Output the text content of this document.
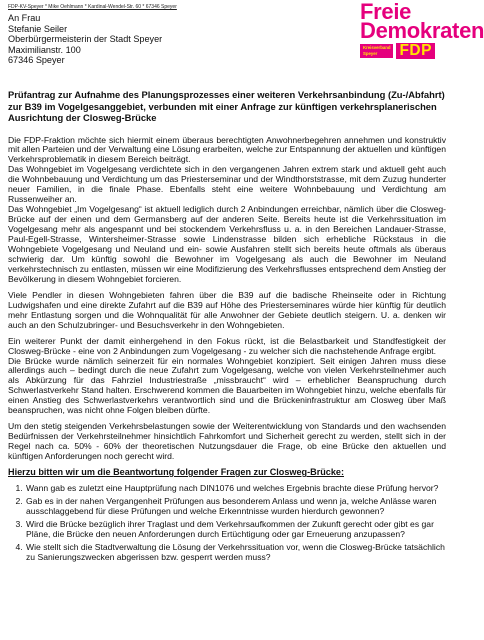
FDP-KV-Speyer * Mike Oehlmann * Kardinal-Wendel-Str. 60 * 67346 Speyer
An Frau
Stefanie Seiler
Oberbürgermeisterin der Stadt Speyer
Maximilianstr. 100
67346 Speyer
Freie
Demokraten
Kreisverband
Speyer	FDP

Prüfantrag zur Aufnahme des Planungsprozesses einer weiteren Verkehrsanbindung (Zu-/Abfahrt) zur B39 im Vogelgesanggebiet, verbunden mit einer Anfrage zur künftigen verkehrsplanerischen Ausrichtung der Closweg-Brücke

Die FDP-Fraktion möchte sich hiermit einem überaus berechtigten Anwohnerbegehren annehmen und konstruktiv mit allen Parteien und der Verwaltung eine Lösung erarbeiten, welche zur Entspannung der aktuellen und künftigen Verkehrsproblematik in diesem Bereich beiträgt.

Das Wohngebiet im Vogelgesang verdichtete sich in den vergangenen Jahren extrem stark und aktuell geht auch die Wohnbebauung und Verdichtung um das Priesterseminar und der Windthorststrasse, mit dem Zuzug hunderter neuer Familien, in die finale Phase. Ebenfalls steht eine weitere Wohnbebauung und Verdichtung am Russenweiher an.

Das Wohngebiet „Im Vogelgesang“ ist aktuell lediglich durch 2 Anbindungen erreichbar, nämlich über die Closweg-Brücke auf der einen und dem Germansberg auf der anderen Seite. Bereits heute ist die Verkehrssituation im Vogelgesang mehr als angespannt und bei stockendem Verkehrsfluss u. a. in den Bereichen Landauer-Strasse, Paul-Egell-Strasse, Wintersheimer-Strasse sowie Lindenstrasse bilden sich erhebliche Rückstaus in die Wohngebiete Vogelgesang und Neuland und ein- sowie Ausfahren stellt sich bereits heute oftmals als überaus schwierig dar. Um künftig sowohl die Bewohner im Vogelgesang als auch die Bewohner im Neuland verkehrstechnisch zu entlasten, müssen wir eine Modifizierung des Verkehrsflusses entsprechend dem Anstieg der Bevölkerung in diesem Wohngebiet forcieren.

Viele Pendler in diesen Wohngebieten fahren über die B39 auf die badische Rheinseite oder in Richtung Ludwigshafen und eine direkte Zufahrt auf die B39 auf Höhe des Priesterseminares würde hier künftig für deutlich mehr Entlastung sorgen und die Wohnqualität für alle Anwohner der Gebiete deutlich steigern. U. a. denken wir auch an den Schulzubringer- und Besuchsverkehr in den Wohngebieten.

Ein weiterer Punkt der damit einhergehend in den Fokus rückt, ist die Belastbarkeit und Standfestigkeit der Closweg-Brücke - eine von 2 Anbindungen zum Vogelgesang - zu welcher sich die nachstehende Anfrage ergibt.

Die Brücke wurde nämlich seinerzeit für ein normales Wohngebiet konzipiert. Seit einigen Jahren muss diese allerdings auch – bedingt durch die neue Zufahrt zum Vogelgesang, welche von vielen Verkehrsteilnehmer auch als Abkürzung für das Fahrziel Industriestraße „missbraucht“ wird – erheblicher Beanspruchung durch Schwerlastverkehr Stand halten. Erschwerend kommen die Bauarbeiten im Wohngebiet hinzu, welche ebenfalls für einen Anstieg des Schwerlastverkehrs verantwortlich sind und die Brückeninfrastruktur am Closweg über Maß beanspruchen, was nicht ohne Folgen bleiben dürfte.

Um den stetig steigenden Verkehrsbelastungen sowie der Weiterentwicklung von Standards und den wachsenden Bedürfnissen der Verkehrsteilnehmer hinsichtlich Fahrkomfort und Sicherheit gerecht zu werden, stellt sich in der Regel nach ca. 50% - 60% der theoretischen Nutzungsdauer die Frage, ob eine Brücke den aktuellen und künftigen Anforderungen noch gerecht wird.

Hierzu bitten wir um die Beantwortung folgender Fragen zur Closweg-Brücke:

1. Wann gab es zuletzt eine Hauptprüfung nach DIN1076 und welches Ergebnis brachte diese Prüfung hervor?
2. Gab es in der nahen Vergangenheit Prüfungen aus besonderem Anlass und wenn ja, welche Anlässe waren ausschlaggebend für diese Prüfungen und welche Erkenntnisse wurden hierdurch gewonnen?
3. Wird die Brücke bezüglich ihrer Traglast und dem Verkehrsaufkommen der Zukunft gerecht oder gibt es gar Pläne, die Brücke den neuen Anforderungen durch Ertüchtigung oder gar Erneuerung anzupassen?
4. Wie stellt sich die Stadtverwaltung die Lösung der Verkehrssituation vor, wenn die Closweg-Brücke tatsächlich zu Sanierungszwecken abgerissen bzw. gesperrt werden muss?
